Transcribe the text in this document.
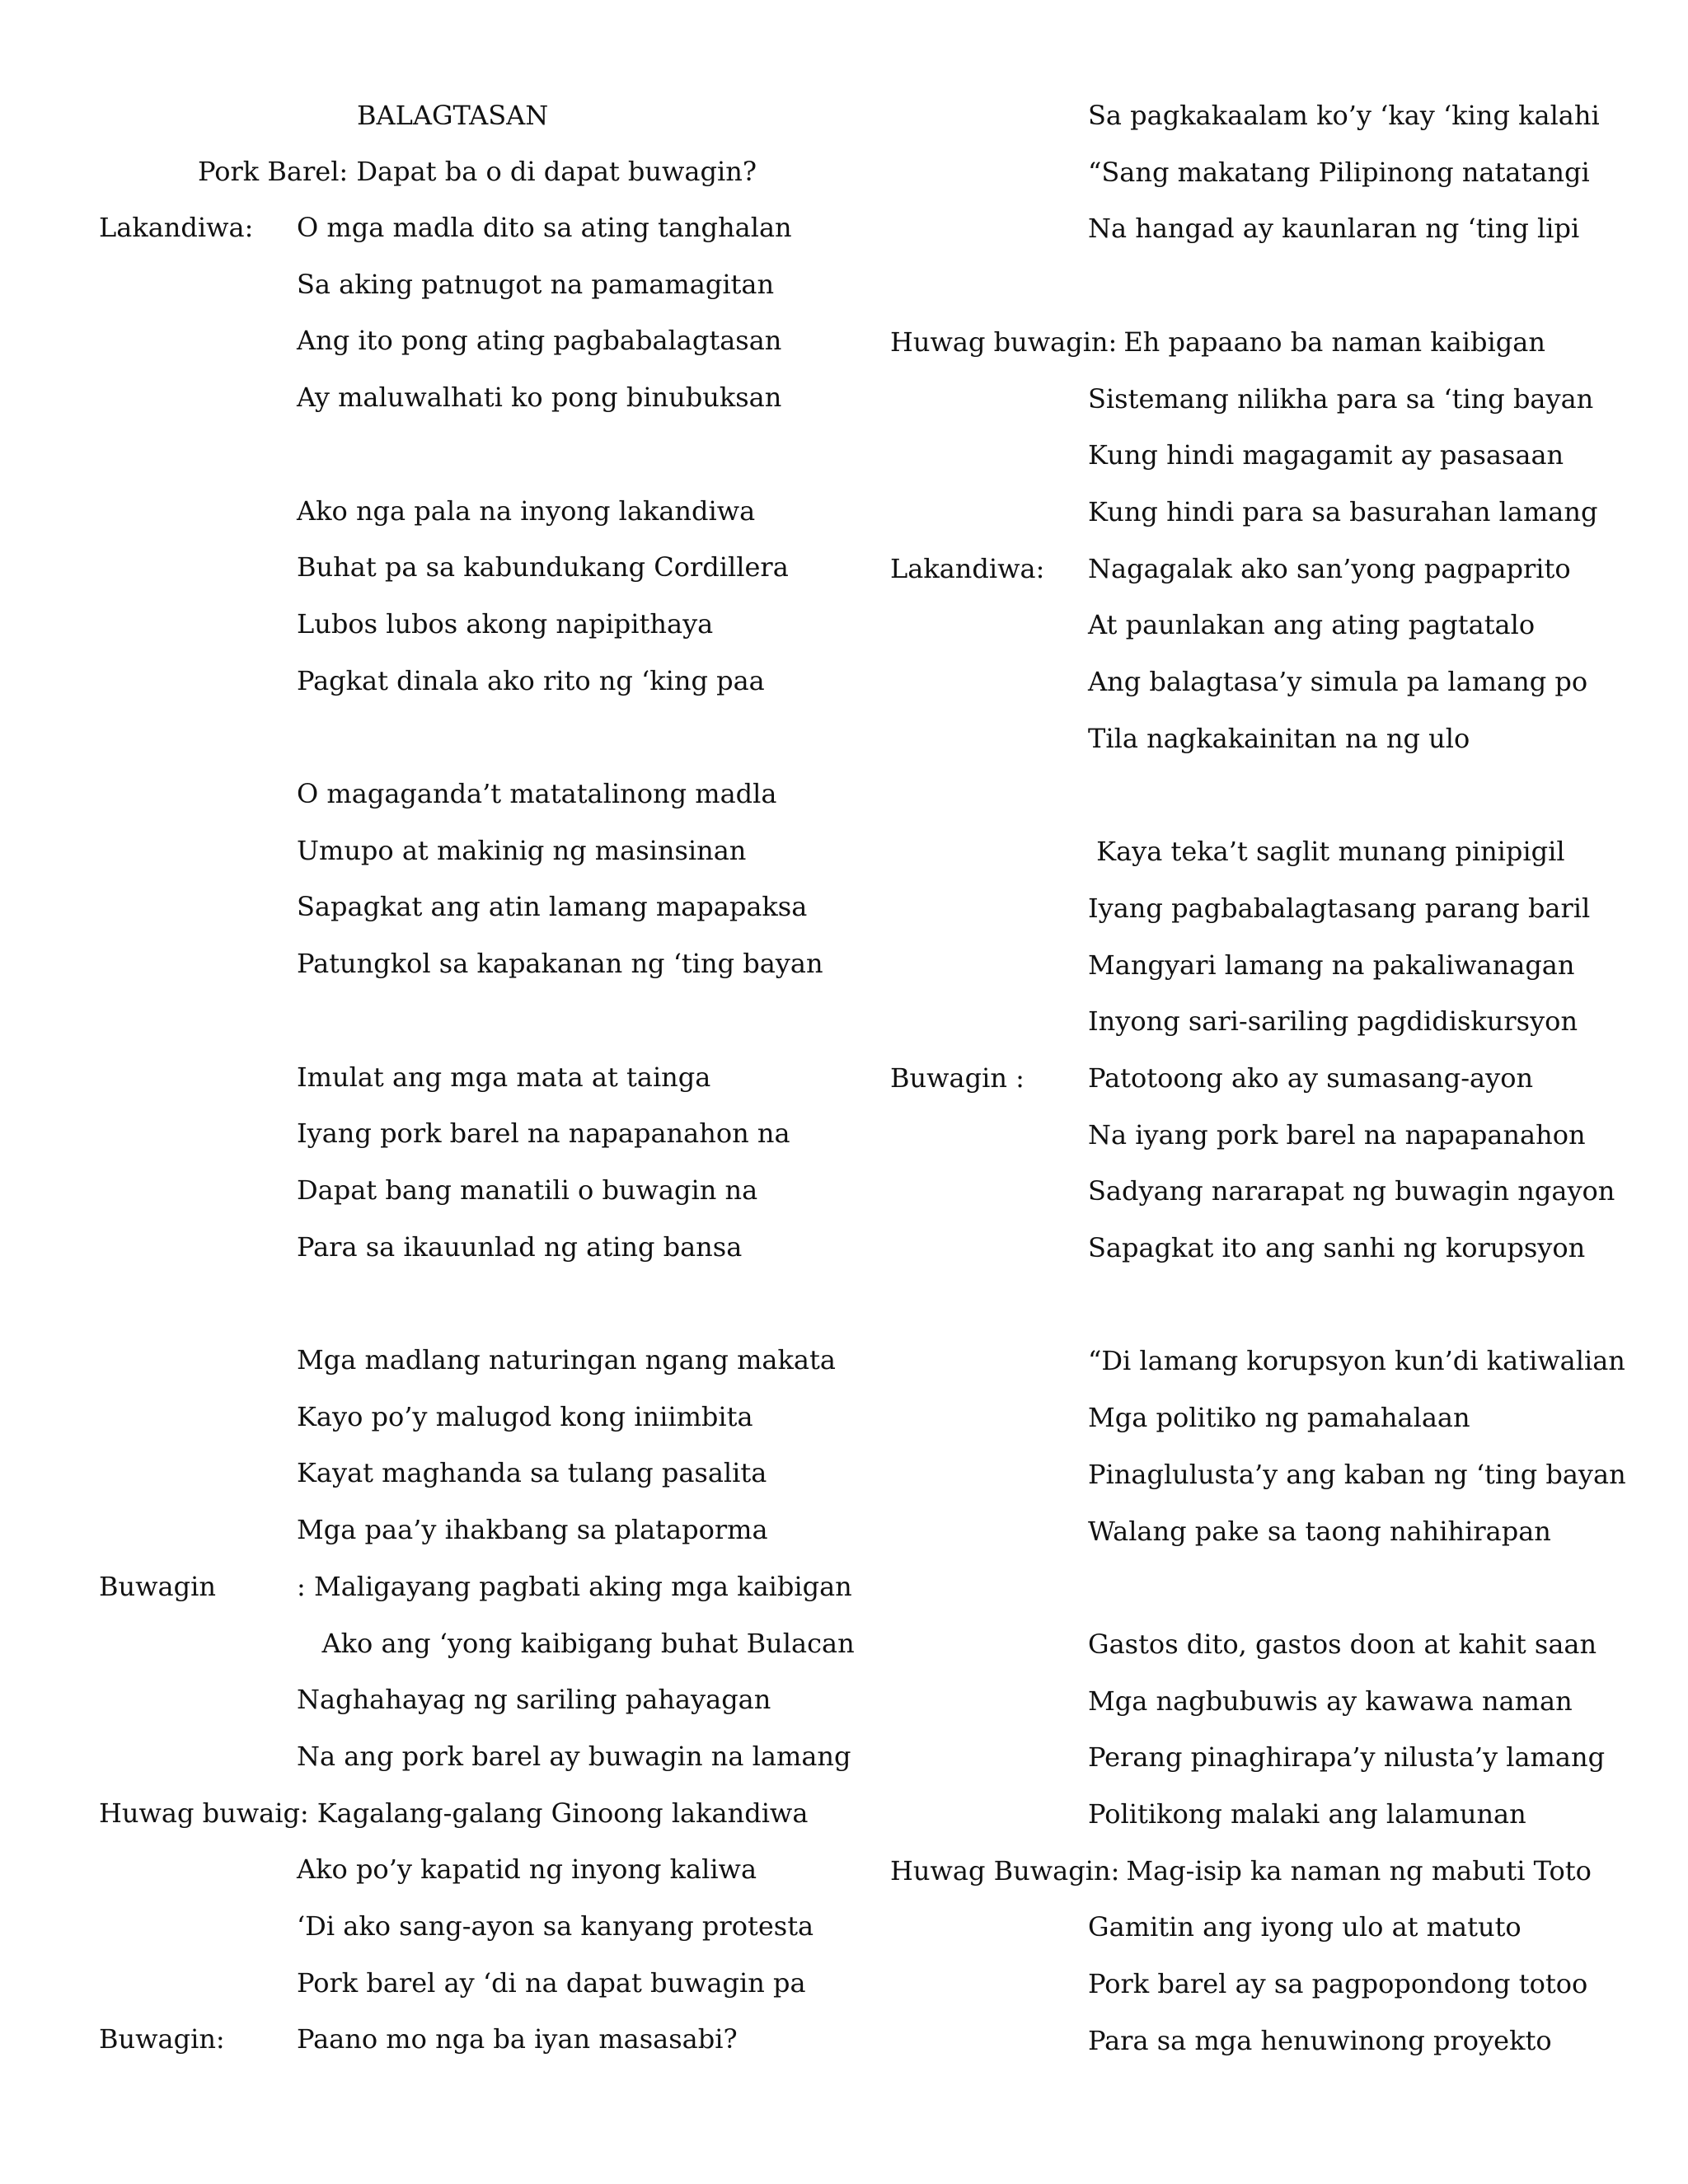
BALAGTASAN
Pork Barel: Dapat ba o di dapat buwagin?
Lakandiwa: O mga madla dito sa ating tanghalan
Sa aking patnugot na pamamagitan
Ang ito pong ating pagbabalagtasan
Ay maluwalhati ko pong binubuksan
Ako nga pala na inyong lakandiwa
Buhat pa sa kabundukang Cordillera
Lubos lubos akong napipithaya
Pagkat dinala ako rito ng ‘king paa
O magaganda’t matatalinong madla
Umupo at makinig ng masinsinan
Sapagkat ang atin lamang mapapaksa
Patungkol sa kapakanan ng ‘ting bayan
Imulat ang mga mata at tainga
Iyang pork barel na napapanahon na
Dapat bang manatili o buwagin na
Para sa ikauunlad ng ating bansa
Mga madlang naturingan ngang makata
Kayo po’y malugod kong iniimbita
Kayat maghanda sa tulang pasalita
Mga paa’y ihakbang sa plataporma
Buwagin	: Maligayang pagbati aking mga kaibigan
Ako ang ‘yong kaibigang buhat Bulacan
Naghahayag ng sariling pahayagan
Na ang pork barel ay buwagin na lamang
Huwag buwaig: Kagalang-galang Ginoong lakandiwa
Ako po’y kapatid ng inyong kaliwa
‘Di ako sang-ayon sa kanyang protesta
Pork barel ay ‘di na dapat buwagin pa
Buwagin:	Paano mo nga ba iyan masasabi?
Sa pagkakaalam ko’y ‘kay ‘king kalahi
“Sang makatang Pilipinong natatangi
Na hangad ay kaunlaran ng ‘ting lipi
Huwag buwagin: Eh papaano ba naman kaibigan
Sistemang nilikha para sa ‘ting bayan
Kung hindi magagamit ay pasasaan
Kung hindi para sa basurahan lamang
Lakandiwa: Nagagalak ako san’yong pagpaprito
At paunlakan ang ating pagtatalo
Ang balagtasa’y simula pa lamang po
Tila nagkakainitan na ng ulo
Kaya teka’t saglit munang pinipigil
Iyang pagbabalagtasang parang baril
Mangyari lamang na pakaliwanagan
Inyong sari-sariling pagdidiskursyon
Buwagin : Patotoong ako ay sumasang-ayon
Na iyang pork barel na napapanahon
Sadyang nararapat ng buwagin ngayon
Sapagkat ito ang sanhi ng korupsyon
“Di lamang korupsyon kun’di katiwalian
Mga politiko ng pamahalaan
Pinaglulusta’y ang kaban ng ‘ting bayan
Walang pake sa taong nahihirapan
Gastos dito, gastos doon at kahit saan
Mga nagbubuwis ay kawawa naman
Perang pinaghirapa’y nilusta’y lamang
Politikong malaki ang lalamunan
Huwag Buwagin: Mag-isip ka naman ng mabuti Toto
Gamitin ang iyong ulo at matuto
Pork barel ay sa pagpopondong totoo
Para sa mga henuwinong proyekto
